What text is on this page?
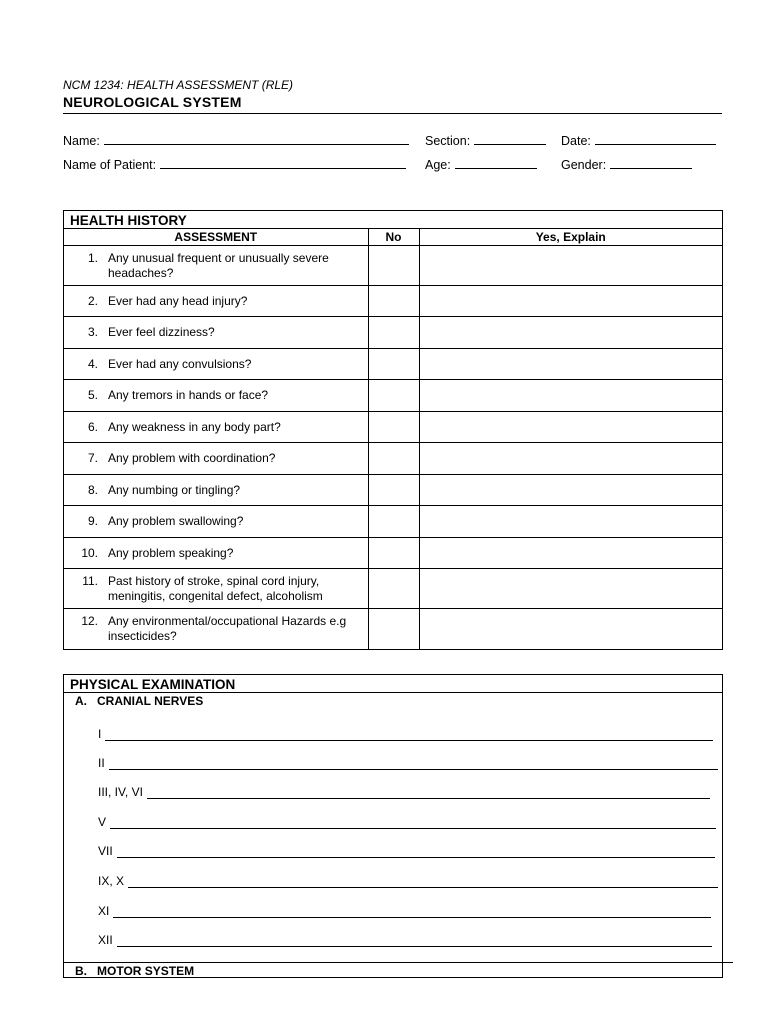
NCM 1234: HEALTH ASSESSMENT (RLE)
NEUROLOGICAL SYSTEM
Name:	Section:	Date:
Name of Patient:	Age:	Gender:
HEALTH HISTORY
ASSESSMENT	No	Yes, Explain

1. Any unusual frequent or unusually severe headaches?		

2. Ever had any head injury?		

3. Ever feel dizziness?		

4. Ever had any convulsions?		

5. Any tremors in hands or face?		

6. Any weakness in any body part?		

7. Any problem with coordination?		

8. Any numbing or tingling?		

9. Any problem swallowing?		

10. Any problem speaking?		

11. Past history of stroke, spinal cord injury, meningitis, congenital defect, alcoholism		

12. Any environmental/occupational Hazards e.g insecticides?		

PHYSICAL EXAMINATION
A. CRANIAL NERVES
I
II
III, IV, VI
V
VII
IX, X
XI
XII
B. MOTOR SYSTEM
